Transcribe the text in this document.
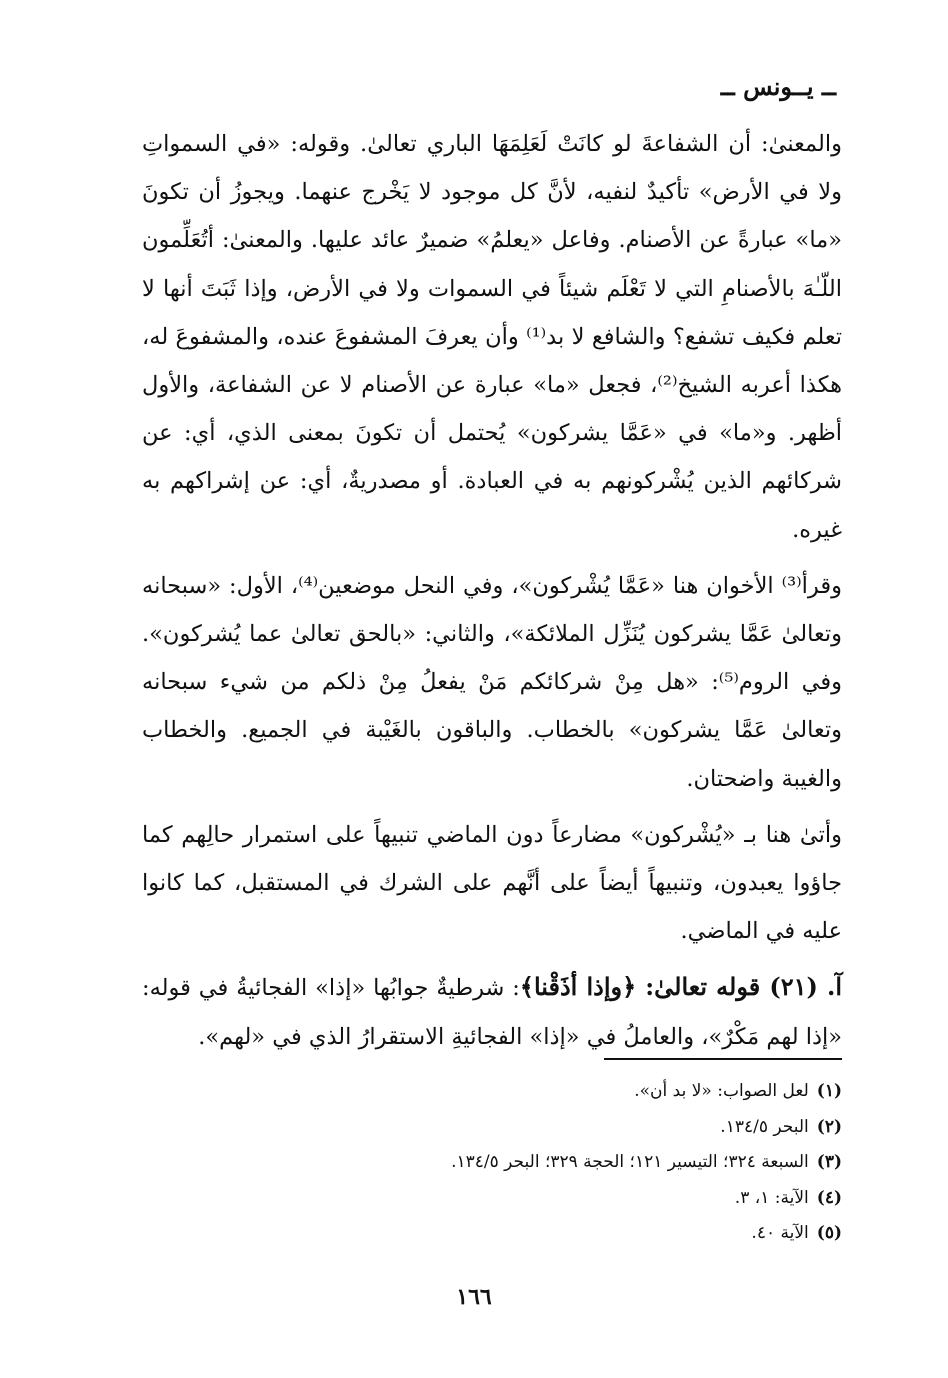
ــ يــونس ــ

والمعنىٰ: أن الشفاعةَ لو كانَتْ لَعَلِمَهَا الباري تعالىٰ. وقوله: «في السمواتِ ولا في الأرض» تأكيدٌ لنفيه، لأنَّ كل موجود لا يَخْرج عنهما. ويجوزُ أن تكونَ «ما» عبارةً عن الأصنام. وفاعل «يعلمُ» ضميرٌ عائد عليها. والمعنىٰ: أتُعَلِّمون اللّـٰهَ بالأصنامِ التي لا تَعْلَم شيئاً في السموات ولا في الأرض، وإذا ثَبَتَ أنها لا تعلم فكيف تشفع؟ والشافع لا بد⁽¹⁾ وأن يعرفَ المشفوعَ عنده، والمشفوعَ له، هكذا أعربه الشيخ⁽²⁾، فجعل «ما» عبارة عن الأصنام لا عن الشفاعة، والأول أظهر. و«ما» في «عَمَّا يشركون» يُحتمل أن تكونَ بمعنى الذي، أي: عن شركائهم الذين يُشْركونهم به في العبادة. أو مصدريةٌ، أي: عن إشراكهم به غيره.

وقرأ⁽³⁾ الأخوان هنا «عَمَّا يُشْركون»، وفي النحل موضعين⁽⁴⁾، الأول: «سبحانه وتعالىٰ عَمَّا يشركون يُنَزِّل الملائكة»، والثاني: «بالحق تعالىٰ عما يُشركون». وفي الروم⁽⁵⁾: «هل مِنْ شركائكم مَنْ يفعلُ مِنْ ذلكم من شيء سبحانه وتعالىٰ عَمَّا يشركون» بالخطاب. والباقون بالغَيْبة في الجميع. والخطاب والغيبة واضحتان.

وأتىٰ هنا بـ «يُشْركون» مضارعاً دون الماضي تنبيهاً على استمرار حالِهم كما جاؤوا يعبدون، وتنبيهاً أيضاً على أنَّهم على الشرك في المستقبل، كما كانوا عليه في الماضي.

آ. (٢١) قوله تعالىٰ: ﴿وإذا أذَقْنا﴾: شرطيةٌ جوابُها «إذا» الفجائيةُ في قوله: «إذا لهم مَكْرٌ»، والعاملُ في «إذا» الفجائيةِ الاستقرارُ الذي في «لهم».

(١)لعل الصواب: «لا بد أن».
(٢)البحر ١٣٤/٥.
(٣)السبعة ٣٢٤؛ التيسير ١٢١؛ الحجة ٣٢٩؛ البحر ١٣٤/٥.
(٤)الآية: ١، ٣.
(٥)الآية ٤٠.
١٦٦
